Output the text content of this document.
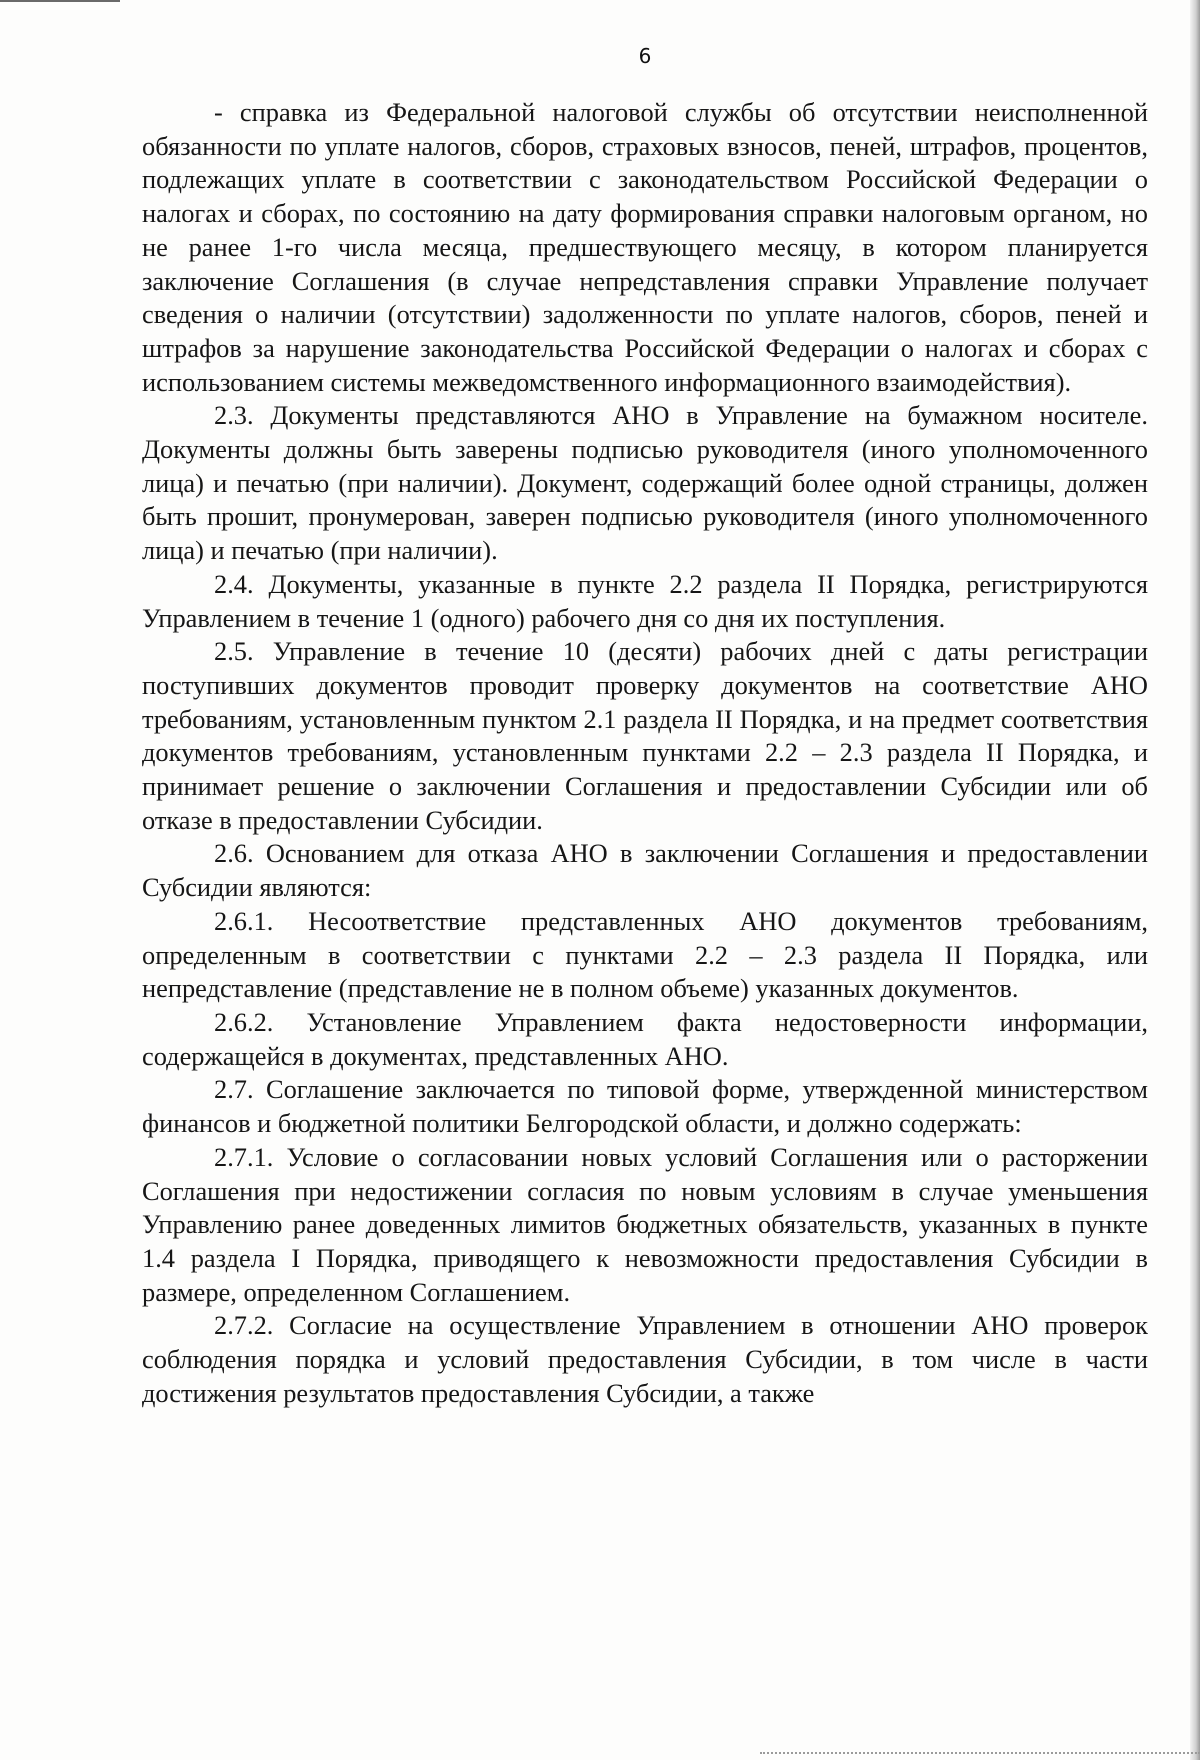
6

- справка из Федеральной налоговой службы об отсутствии неисполненной обязанности по уплате налогов, сборов, страховых взносов, пеней, штрафов, процентов, подлежащих уплате в соответствии с законодательством Российской Федерации о налогах и сборах, по состоянию на дату формирования справки налоговым органом, но не ранее 1-го числа месяца, предшествующего месяцу, в котором планируется заключение Соглашения (в случае непредставления справки Управление получает сведения о наличии (отсутствии) задолженности по уплате налогов, сборов, пеней и штрафов за нарушение законодательства Российской Федерации о налогах и сборах с использованием системы межведомственного информационного взаимодействия).

2.3. Документы представляются АНО в Управление на бумажном носителе. Документы должны быть заверены подписью руководителя (иного уполномоченного лица) и печатью (при наличии). Документ, содержащий более одной страницы, должен быть прошит, пронумерован, заверен подписью руководителя (иного уполномоченного лица) и печатью (при наличии).

2.4. Документы, указанные в пункте 2.2 раздела II Порядка, регистрируются Управлением в течение 1 (одного) рабочего дня со дня их поступления.

2.5. Управление в течение 10 (десяти) рабочих дней с даты регистрации поступивших документов проводит проверку документов на соответствие АНО требованиям, установленным пунктом 2.1 раздела II Порядка, и на предмет соответствия документов требованиям, установленным пунктами 2.2 – 2.3 раздела II Порядка, и принимает решение о заключении Соглашения и предоставлении Субсидии или об отказе в предоставлении Субсидии.

2.6. Основанием для отказа АНО в заключении Соглашения и предоставлении Субсидии являются:

2.6.1. Несоответствие представленных АНО документов требованиям, определенным в соответствии с пунктами 2.2 – 2.3 раздела II Порядка, или непредставление (представление не в полном объеме) указанных документов.

2.6.2. Установление Управлением факта недостоверности информации, содержащейся в документах, представленных АНО.

2.7. Соглашение заключается по типовой форме, утвержденной министерством финансов и бюджетной политики Белгородской области, и должно содержать:

2.7.1. Условие о согласовании новых условий Соглашения или о расторжении Соглашения при недостижении согласия по новым условиям в случае уменьшения Управлению ранее доведенных лимитов бюджетных обязательств, указанных в пункте 1.4 раздела I Порядка, приводящего к невозможности предоставления Субсидии в размере, определенном Соглашением.

2.7.2. Согласие на осуществление Управлением в отношении АНО проверок соблюдения порядка и условий предоставления Субсидии, в том числе в части достижения результатов предоставления Субсидии, а также
